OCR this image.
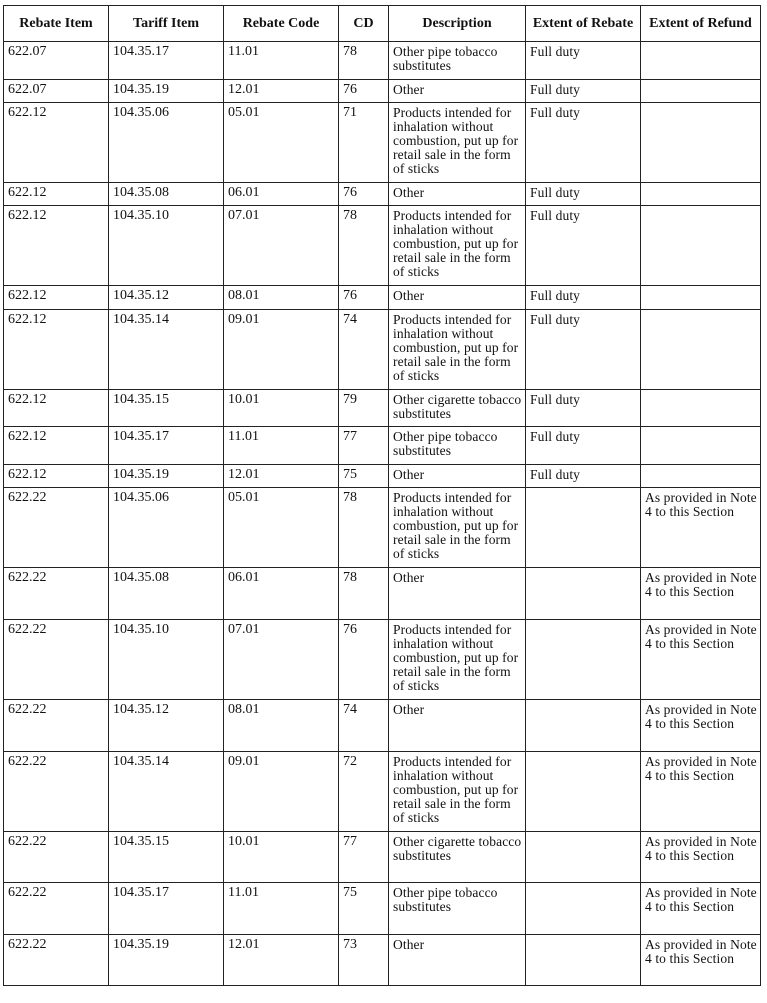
Rebate Item	Tariff Item	Rebate Code	CD	Description	Extent of Rebate	Extent of Refund
622.07	104.35.17	11.01	78	Other pipe tobacco substitutes	Full duty	
622.07	104.35.19	12.01	76	Other	Full duty	
622.12	104.35.06	05.01	71	Products intended for inhalation without combustion, put up for retail sale in the form of sticks	Full duty	
622.12	104.35.08	06.01	76	Other	Full duty	
622.12	104.35.10	07.01	78	Products intended for inhalation without combustion, put up for retail sale in the form of sticks	Full duty	
622.12	104.35.12	08.01	76	Other	Full duty	
622.12	104.35.14	09.01	74	Products intended for inhalation without combustion, put up for retail sale in the form of sticks	Full duty	
622.12	104.35.15	10.01	79	Other cigarette tobacco substitutes	Full duty	
622.12	104.35.17	11.01	77	Other pipe tobacco substitutes	Full duty	
622.12	104.35.19	12.01	75	Other	Full duty	
622.22	104.35.06	05.01	78	Products intended for inhalation without combustion, put up for retail sale in the form of sticks		As provided in Note 4 to this Section
622.22	104.35.08	06.01	78	Other		As provided in Note 4 to this Section
622.22	104.35.10	07.01	76	Products intended for inhalation without combustion, put up for retail sale in the form of sticks		As provided in Note 4 to this Section
622.22	104.35.12	08.01	74	Other		As provided in Note 4 to this Section
622.22	104.35.14	09.01	72	Products intended for inhalation without combustion, put up for retail sale in the form of sticks		As provided in Note 4 to this Section
622.22	104.35.15	10.01	77	Other cigarette tobacco substitutes		As provided in Note 4 to this Section
622.22	104.35.17	11.01	75	Other pipe tobacco substitutes		As provided in Note 4 to this Section
622.22	104.35.19	12.01	73	Other		As provided in Note 4 to this Section
